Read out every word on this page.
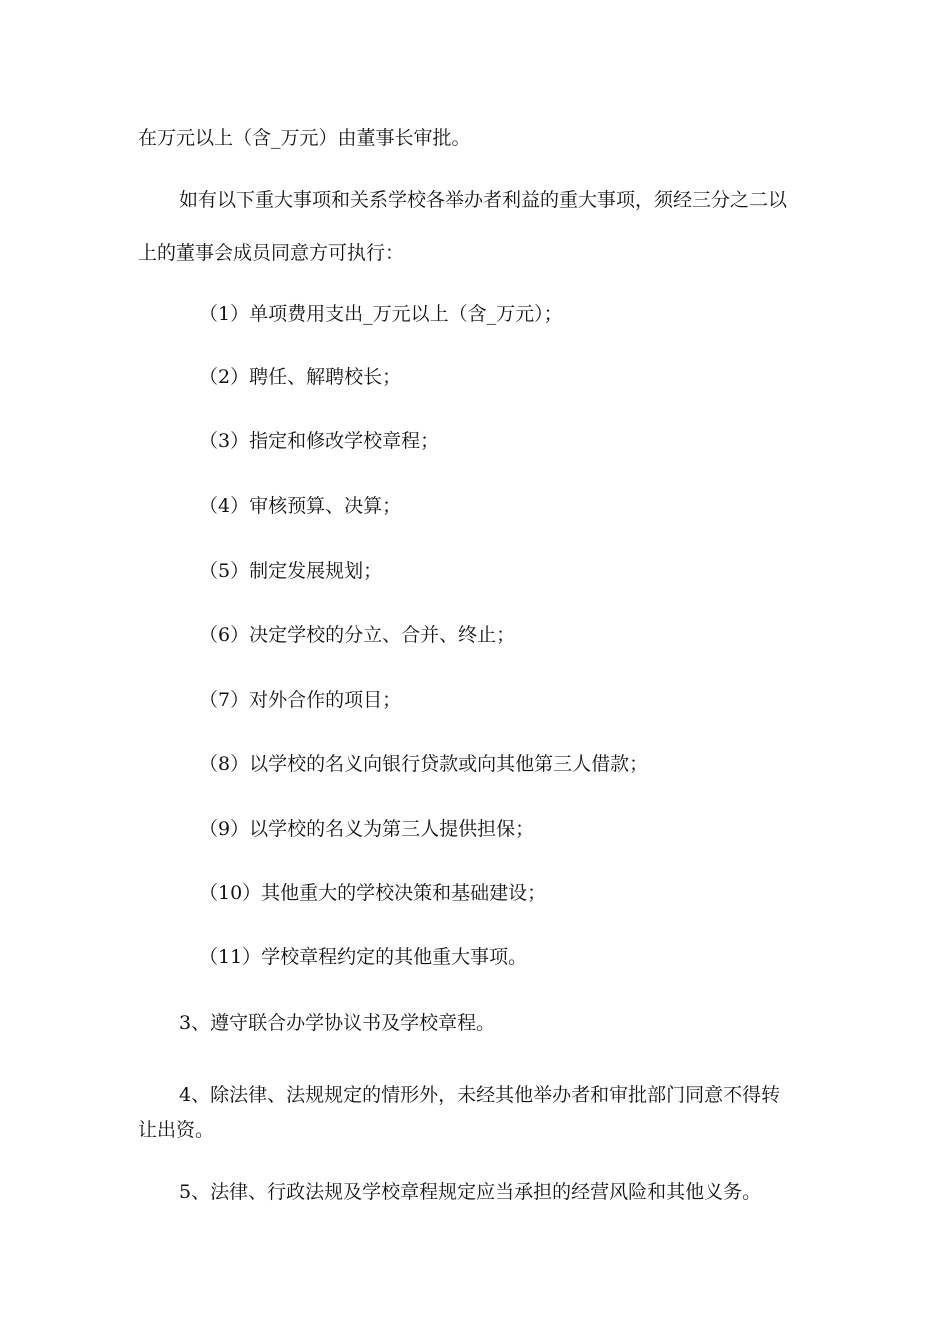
在万元以上（含_万元）由董事长审批。
如有以下重大事项和关系学校各举办者利益的重大事项，须经三分之二以
上的董事会成员同意方可执行：
（1）单项费用支出_万元以上（含_万元）；
（2）聘任、解聘校长；
（3）指定和修改学校章程；
（4）审核预算、决算；
（5）制定发展规划；
（6）决定学校的分立、合并、终止；
（7）对外合作的项目；
（8）以学校的名义向银行贷款或向其他第三人借款；
（9）以学校的名义为第三人提供担保；
（10）其他重大的学校决策和基础建设；
（11）学校章程约定的其他重大事项。
3、遵守联合办学协议书及学校章程。
4、除法律、法规规定的情形外，未经其他举办者和审批部门同意不得转
让出资。
5、法律、行政法规及学校章程规定应当承担的经营风险和其他义务。
